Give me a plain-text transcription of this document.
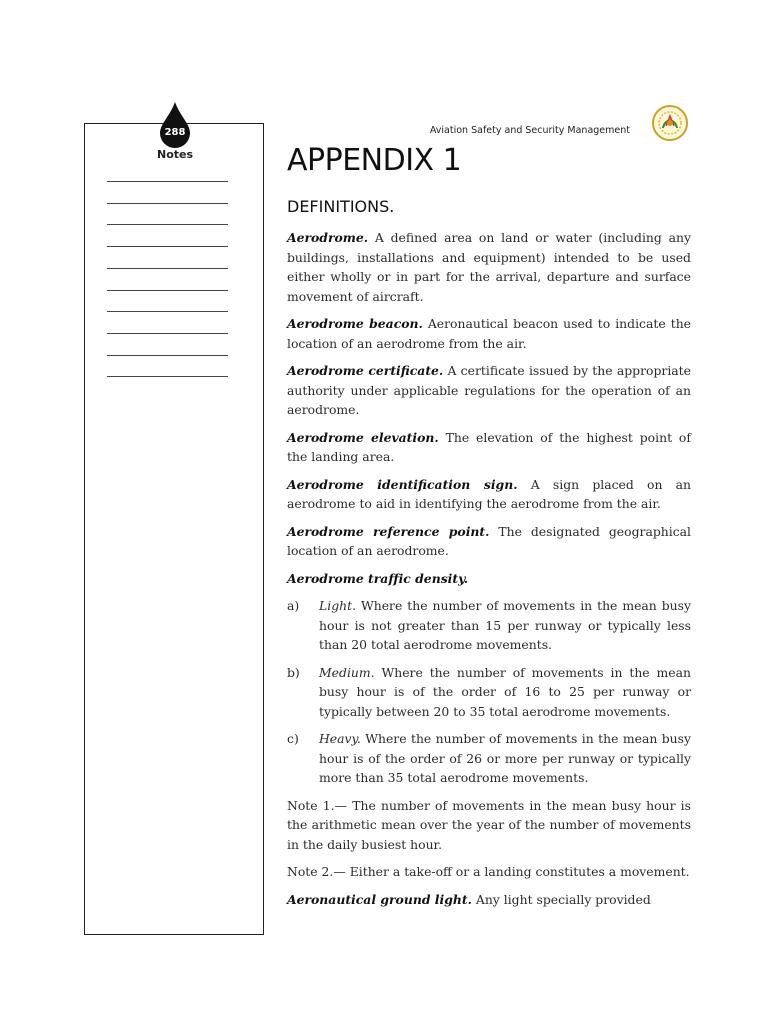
288
Notes
Aviation Safety and Security Management
APPENDIX 1
DEFINITIONS.

Aerodrome. A defined area on land or water (including any buildings, installations and equipment) intended to be used either wholly or in part for the arrival, departure and surface movement of aircraft.

Aerodrome beacon. Aeronautical beacon used to indicate the location of an aerodrome from the air.

Aerodrome certificate. A certificate issued by the appropriate authority under applicable regulations for the operation of an aerodrome.

Aerodrome elevation. The elevation of the highest point of the landing area.

Aerodrome identification sign. A sign placed on an aerodrome to aid in identifying the aerodrome from the air.

Aerodrome reference point. The designated geographical location of an aerodrome.

Aerodrome traffic density.

a)	Light. Where the number of movements in the mean busy hour is not greater than 15 per runway or typically less than 20 total aerodrome movements.
b)	Medium. Where the number of movements in the mean busy hour is of the order of 16 to 25 per runway or typically between 20 to 35 total aerodrome movements.
c)	Heavy. Where the number of movements in the mean busy hour is of the order of 26 or more per runway or typically more than 35 total aerodrome movements.

Note 1.— The number of movements in the mean busy hour is the arithmetic mean over the year of the number of movements in the daily busiest hour.

Note 2.— Either a take-off or a landing constitutes a movement.

Aeronautical ground light. Any light specially provided
